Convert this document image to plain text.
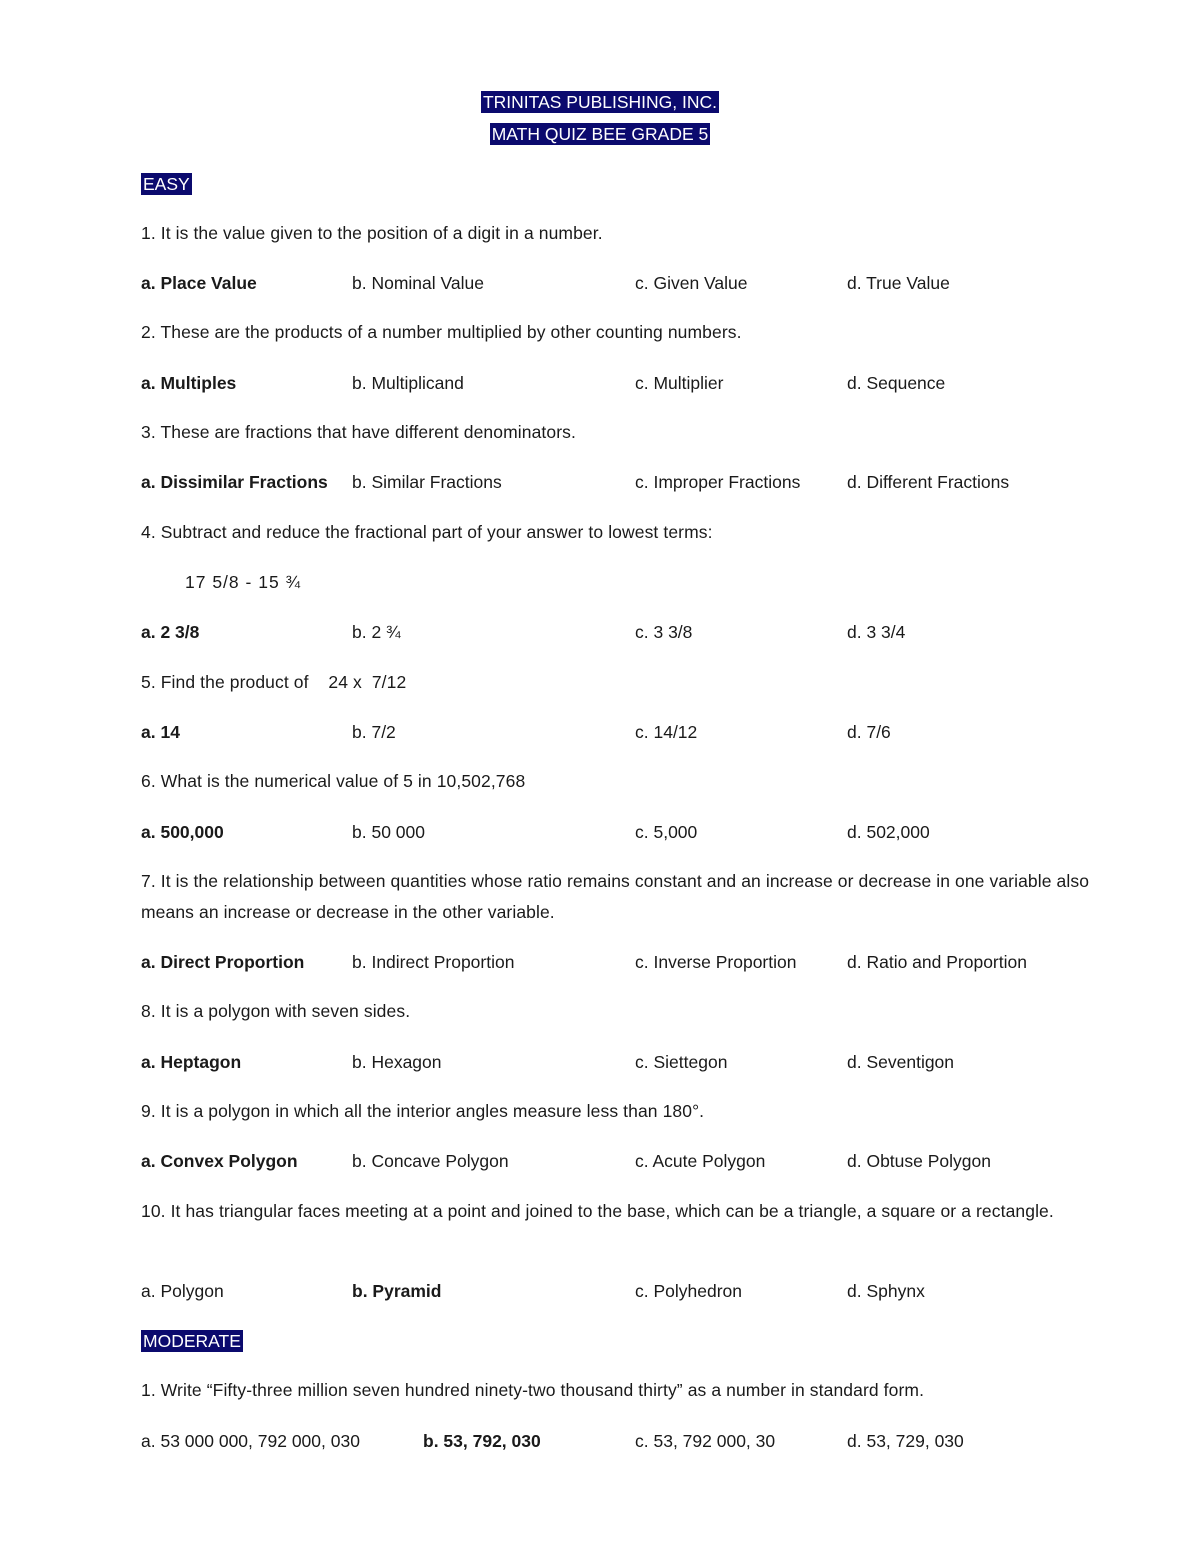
TRINITAS PUBLISHING, INC.
MATH QUIZ BEE GRADE 5
EASY
1. It is the value given to the position of a digit in a number.
a. Place Value	b. Nominal Value	c. Given Value	d. True Value
2. These are the products of a number multiplied by other counting numbers.
a. Multiples	b. Multiplicand	c. Multiplier	d. Sequence
3. These are fractions that have different denominators.
a. Dissimilar Fractions b. Similar Fractions	c. Improper Fractions	d. Different Fractions
4. Subtract and reduce the fractional part of your answer to lowest terms:
17 5/8 - 15 ¾
a. 2 3/8	b. 2 ¾	c. 3 3/8	d. 3 3/4
5. Find the product of    24 x  7/12
a. 14	b. 7/2	c. 14/12	d. 7/6
6. What is the numerical value of 5 in 10,502,768
a. 500,000	b. 50 000	c. 5,000	d. 502,000
7. It is the relationship between quantities whose ratio remains constant and an increase or decrease in one variable also means an increase or decrease in the other variable.
a. Direct Proportion	b. Indirect Proportion	c. Inverse Proportion	d. Ratio and Proportion
8. It is a polygon with seven sides.
a. Heptagon	b. Hexagon	c. Siettegon	d. Seventigon
9. It is a polygon in which all the interior angles measure less than 180°.
a. Convex Polygon	b. Concave Polygon	c. Acute Polygon	d. Obtuse Polygon
10. It has triangular faces meeting at a point and joined to the base, which can be a triangle, a square or a rectangle.
a. Polygon	b. Pyramid	c. Polyhedron	d. Sphynx
MODERATE
1. Write “Fifty-three million seven hundred ninety-two thousand thirty” as a number in standard form.
a. 53 000 000, 792 000, 030	b. 53, 792, 030	c. 53, 792 000, 30	d. 53, 729, 030
